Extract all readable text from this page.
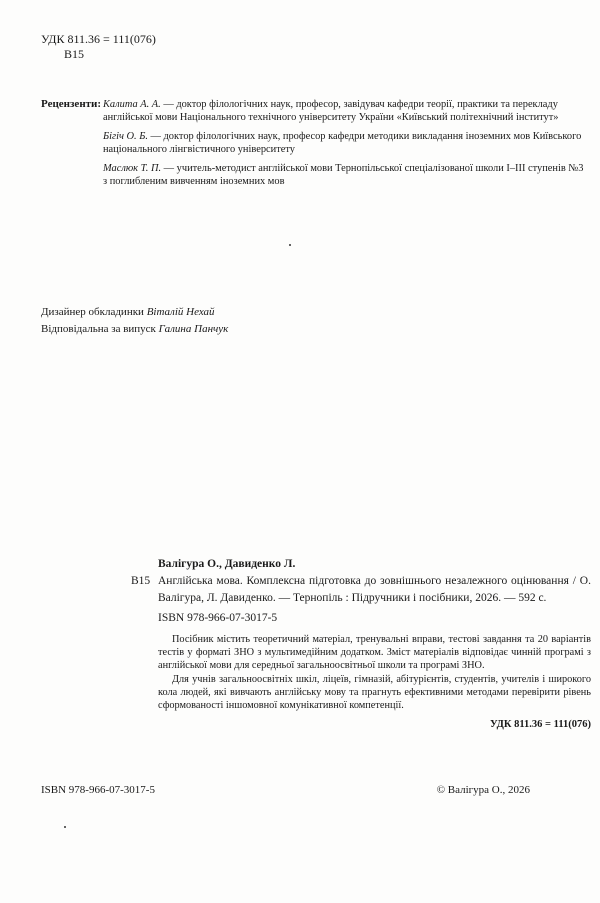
УДК 811.36 = 111(076)
В15
Рецензенти: Калита А. А. — доктор філологічних наук, професор, завідувач кафедри теорії, практики та перекладу англійської мови Національного технічного університету України «Київський політехнічний інститут»
Бігіч О. Б. — доктор філологічних наук, професор кафедри методики викладання іноземних мов Київського національного лінгвістичного університету
Маслюк Т. П. — учитель-методист англійської мови Тернопільської спеціалізованої школи І–ІІІ ступенів №3 з поглибленим вивченням іноземних мов
Дизайнер обкладинки Віталій Нехай
Відповідальна за випуск Галина Панчук
Валігура О., Давиденко Л.
В15 Англійська мова. Комплексна підготовка до зовнішнього незалежного оцінювання / О. Валігура, Л. Давиденко. — Тернопіль : Підручники і посібники, 2026. — 592 с.
ISBN 978-966-07-3017-5

Посібник містить теоретичний матеріал, тренувальні вправи, тестові завдання та 20 варіантів тестів у форматі ЗНО з мультимедійним додатком. Зміст матеріалів відповідає чинній програмі з англійської мови для середньої загальноосвітньої школи та програмі ЗНО.

Для учнів загальноосвітніх шкіл, ліцеїв, гімназій, абітурієнтів, студентів, учителів і широкого кола людей, які вивчають англійську мову та прагнуть ефективними методами перевірити рівень сформованості іншомовної комунікативної компетенції.

УДК 811.36 = 111(076)
ISBN 978-966-07-3017-5	© Валігура О., 2026
